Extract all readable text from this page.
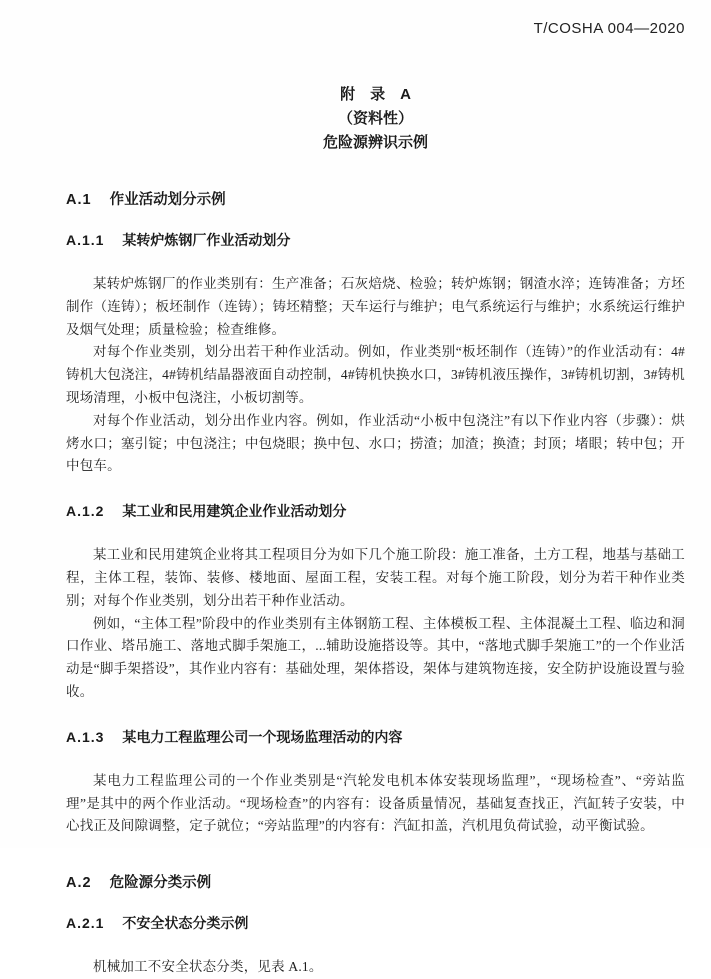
T/COSHA 004—2020
附　录　A
（资料性）
危险源辨识示例
A.1 作业活动划分示例
A.1.1 某转炉炼钢厂作业活动划分

某转炉炼钢厂的作业类别有：生产准备；石灰焙烧、检验；转炉炼钢；钢渣水淬；连铸准备；方坯制作（连铸）；板坯制作（连铸）；铸坯精整；天车运行与维护；电气系统运行与维护；水系统运行维护及烟气处理；质量检验；检查维修。

对每个作业类别，划分出若干种作业活动。例如，作业类别“板坯制作（连铸）”的作业活动有：4#铸机大包浇注，4#铸机结晶器液面自动控制，4#铸机快换水口，3#铸机液压操作，3#铸机切割，3#铸机现场清理，小板中包浇注，小板切割等。

对每个作业活动，划分出作业内容。例如，作业活动“小板中包浇注”有以下作业内容（步骤）：烘烤水口；塞引锭；中包浇注；中包烧眼；换中包、水口；捞渣；加渣；换渣；封顶；堵眼；转中包；开中包车。

A.1.2 某工业和民用建筑企业作业活动划分

某工业和民用建筑企业将其工程项目分为如下几个施工阶段：施工准备，土方工程，地基与基础工程，主体工程，装饰、装修、楼地面、屋面工程，安装工程。对每个施工阶段，划分为若干种作业类别；对每个作业类别，划分出若干种作业活动。

例如，“主体工程”阶段中的作业类别有主体钢筋工程、主体模板工程、主体混凝土工程、临边和洞口作业、塔吊施工、落地式脚手架施工，...辅助设施搭设等。其中，“落地式脚手架施工”的一个作业活动是“脚手架搭设”，其作业内容有：基础处理，架体搭设，架体与建筑物连接，安全防护设施设置与验收。

A.1.3 某电力工程监理公司一个现场监理活动的内容

某电力工程监理公司的一个作业类别是“汽轮发电机本体安装现场监理”，“现场检查”、“旁站监理”是其中的两个作业活动。“现场检查”的内容有：设备质量情况，基础复查找正，汽缸转子安装，中心找正及间隙调整，定子就位；“旁站监理”的内容有：汽缸扣盖，汽机甩负荷试验，动平衡试验。

A.2 危险源分类示例
A.2.1 不安全状态分类示例

机械加工不安全状态分类，见表 A.1。
